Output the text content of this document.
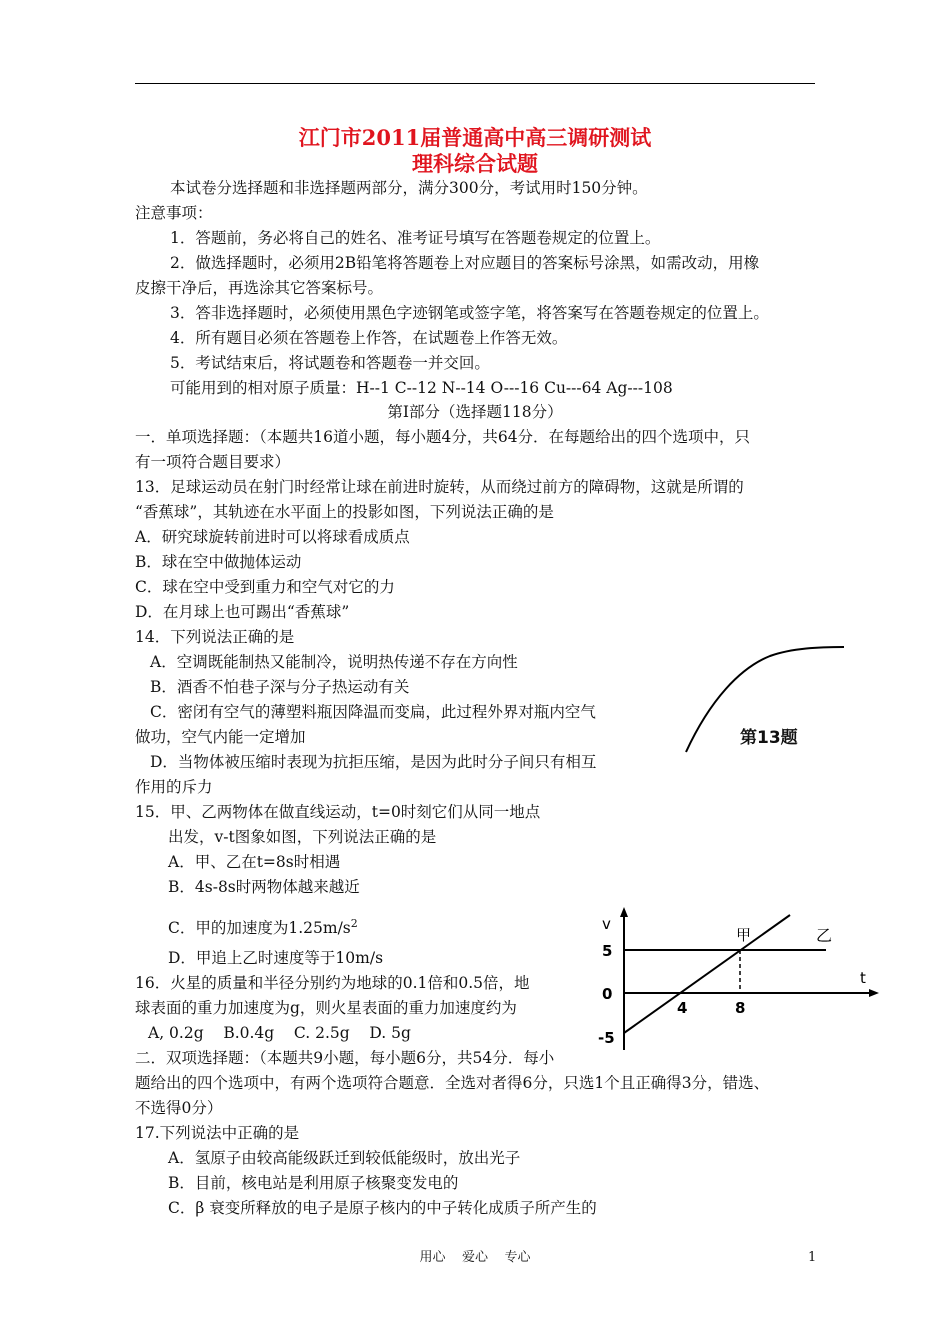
江门市2011届普通高中高三调研测试
理科综合试题
本试卷分选择题和非选择题两部分，满分300分，考试用时150分钟。
注意事项：
1．答题前，务必将自己的姓名、准考证号填写在答题卷规定的位置上。
2．做选择题时，必须用2B铅笔将答题卷上对应题目的答案标号涂黑，如需改动，用橡
皮擦干净后，再选涂其它答案标号。
3．答非选择题时，必须使用黑色字迹钢笔或签字笔，将答案写在答题卷规定的位置上。
4．所有题目必须在答题卷上作答，在试题卷上作答无效。
5．考试结束后，将试题卷和答题卷一并交回。
可能用到的相对原子质量：H--1 C--12 N--14 O---16 Cu---64 Ag---108
第Ⅰ部分（选择题118分）
一．单项选择题：（本题共16道小题，每小题4分，共64分．在每题给出的四个选项中，只
有一项符合题目要求）
13．足球运动员在射门时经常让球在前进时旋转，从而绕过前方的障碍物，这就是所谓的
“香蕉球”，其轨迹在水平面上的投影如图，下列说法正确的是
A．研究球旋转前进时可以将球看成质点
B．球在空中做抛体运动
C．球在空中受到重力和空气对它的力
D．在月球上也可踢出“香蕉球”
第13题
14．下列说法正确的是
A．空调既能制热又能制冷，说明热传递不存在方向性
B．酒香不怕巷子深与分子热运动有关
C．密闭有空气的薄塑料瓶因降温而变扁，此过程外界对瓶内空气
做功，空气内能一定增加
D．当物体被压缩时表现为抗拒压缩，是因为此时分子间只有相互
作用的斥力
15．甲、乙两物体在做直线运动，t=0时刻它们从同一地点
出发，v-t图象如图，下列说法正确的是
A．甲、乙在t=8s时相遇
B．4s-8s时两物体越来越近
C．甲的加速度为$1.25m/s^2$
D．甲追上乙时速度等于10m/s
v
t
甲	乙
5
0
-5
4	8
16．火星的质量和半径分别约为地球的0.1倍和0.5倍，地
球表面的重力加速度为g，则火星表面的重力加速度约为
A, 0.2g    B.0.4g    C. 2.5g    D. 5g
二．双项选择题：（本题共9小题，每小题6分，共54分．每小
题给出的四个选项中，有两个选项符合题意．全选对者得6分，只选1个且正确得3分，错选、
不选得0分）
17.下列说法中正确的是
A．氢原子由较高能级跃迁到较低能级时，放出光子
B．目前，核电站是利用原子核聚变发电的
C．β 衰变所释放的电子是原子核内的中子转化成质子所产生的
用心    爱心    专心	1
